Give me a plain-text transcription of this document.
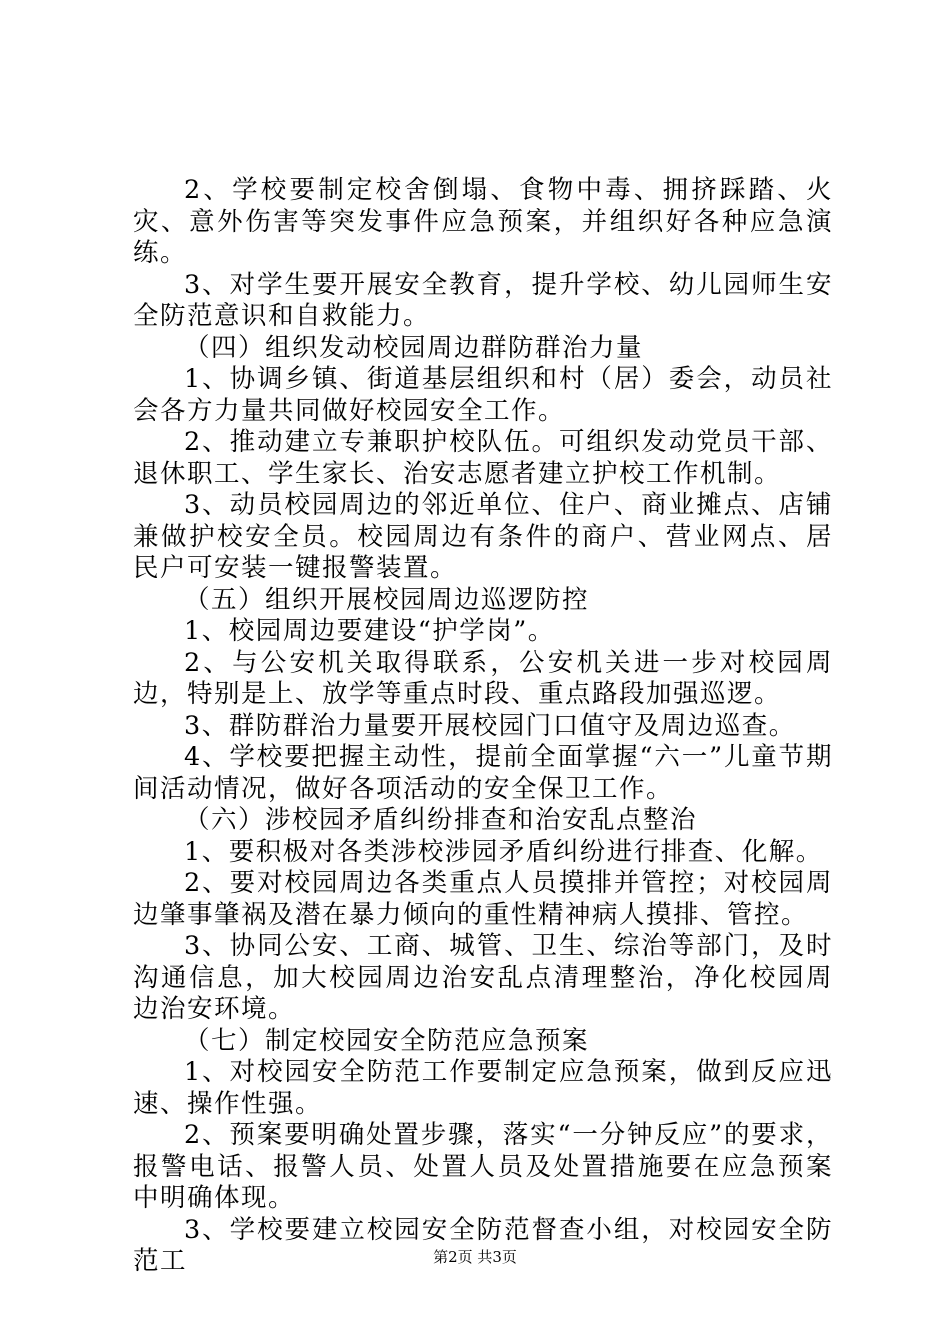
2、学校要制定校舍倒塌、食物中毒、拥挤踩踏、火灾、意外伤害等突发事件应急预案，并组织好各种应急演练。

3、对学生要开展安全教育，提升学校、幼儿园师生安全防范意识和自救能力。

（四）组织发动校园周边群防群治力量

1、协调乡镇、街道基层组织和村（居）委会，动员社会各方力量共同做好校园安全工作。

2、推动建立专兼职护校队伍。可组织发动党员干部、退休职工、学生家长、治安志愿者建立护校工作机制。

3、动员校园周边的邻近单位、住户、商业摊点、店铺兼做护校安全员。校园周边有条件的商户、营业网点、居民户可安装一键报警装置。

（五）组织开展校园周边巡逻防控

1、校园周边要建设“护学岗”。

2、与公安机关取得联系，公安机关进一步对校园周边，特别是上、放学等重点时段、重点路段加强巡逻。

3、群防群治力量要开展校园门口值守及周边巡查。

4、学校要把握主动性，提前全面掌握“六一”儿童节期间活动情况，做好各项活动的安全保卫工作。

（六）涉校园矛盾纠纷排查和治安乱点整治

1、要积极对各类涉校涉园矛盾纠纷进行排查、化解。

2、要对校园周边各类重点人员摸排并管控；对校园周边肇事肇祸及潜在暴力倾向的重性精神病人摸排、管控。

3、协同公安、工商、城管、卫生、综治等部门，及时沟通信息，加大校园周边治安乱点清理整治，净化校园周边治安环境。

（七）制定校园安全防范应急预案

1、对校园安全防范工作要制定应急预案，做到反应迅速、操作性强。

2、预案要明确处置步骤，落实“一分钟反应”的要求，报警电话、报警人员、处置人员及处置措施要在应急预案中明确体现。

3、学校要建立校园安全防范督查小组，对校园安全防范工	第2页 共3页
